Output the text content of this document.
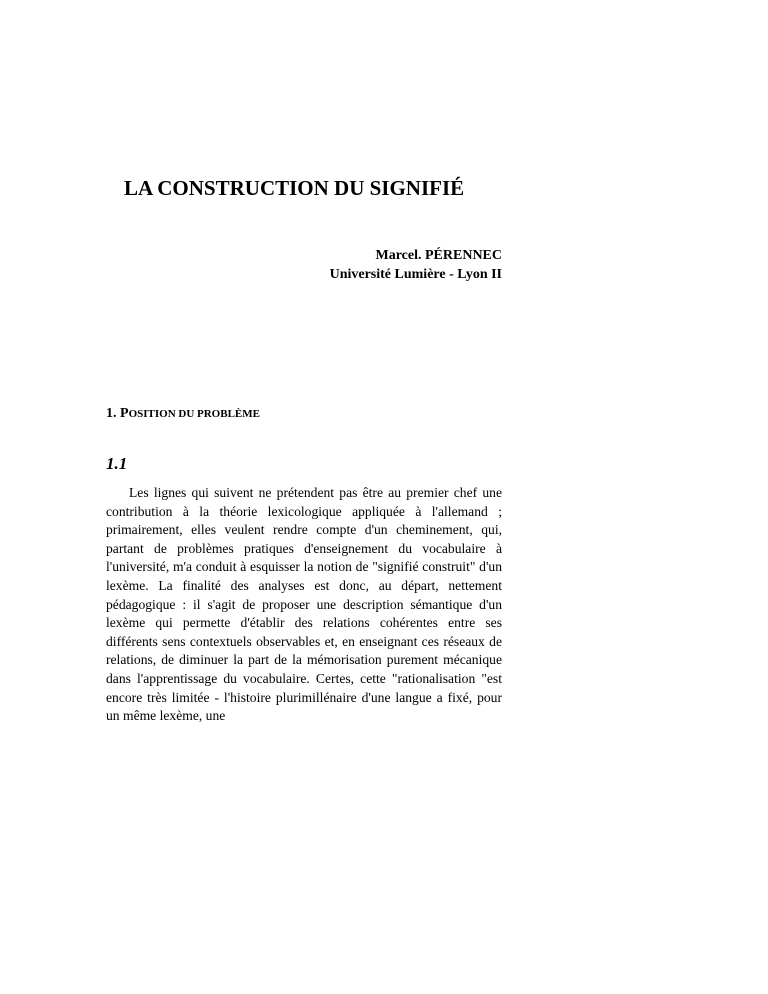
LA CONSTRUCTION DU SIGNIFIÉ
Marcel. PÉRENNEC
Université Lumière - Lyon II
1. POSITION DU PROBLÈME
1.1

Les lignes qui suivent ne prétendent pas être au premier chef une contribution à la théorie lexicologique appliquée à l'allemand ; primairement, elles veulent rendre compte d'un cheminement, qui, partant de problèmes pratiques d'enseignement du vocabulaire à l'université, m'a conduit à esquisser la notion de "signifié construit" d'un lexème. La finalité des analyses est donc, au départ, nettement pédagogique : il s'agit de proposer une description sémantique d'un lexème qui permette d'établir des relations cohérentes entre ses différents sens contextuels observables et, en enseignant ces réseaux de relations, de diminuer la part de la mémorisation purement mécanique dans l'apprentissage du vocabulaire. Certes, cette "rationalisation "est encore très limitée - l'histoire plurimillénaire d'une langue a fixé, pour un même lexème, une
